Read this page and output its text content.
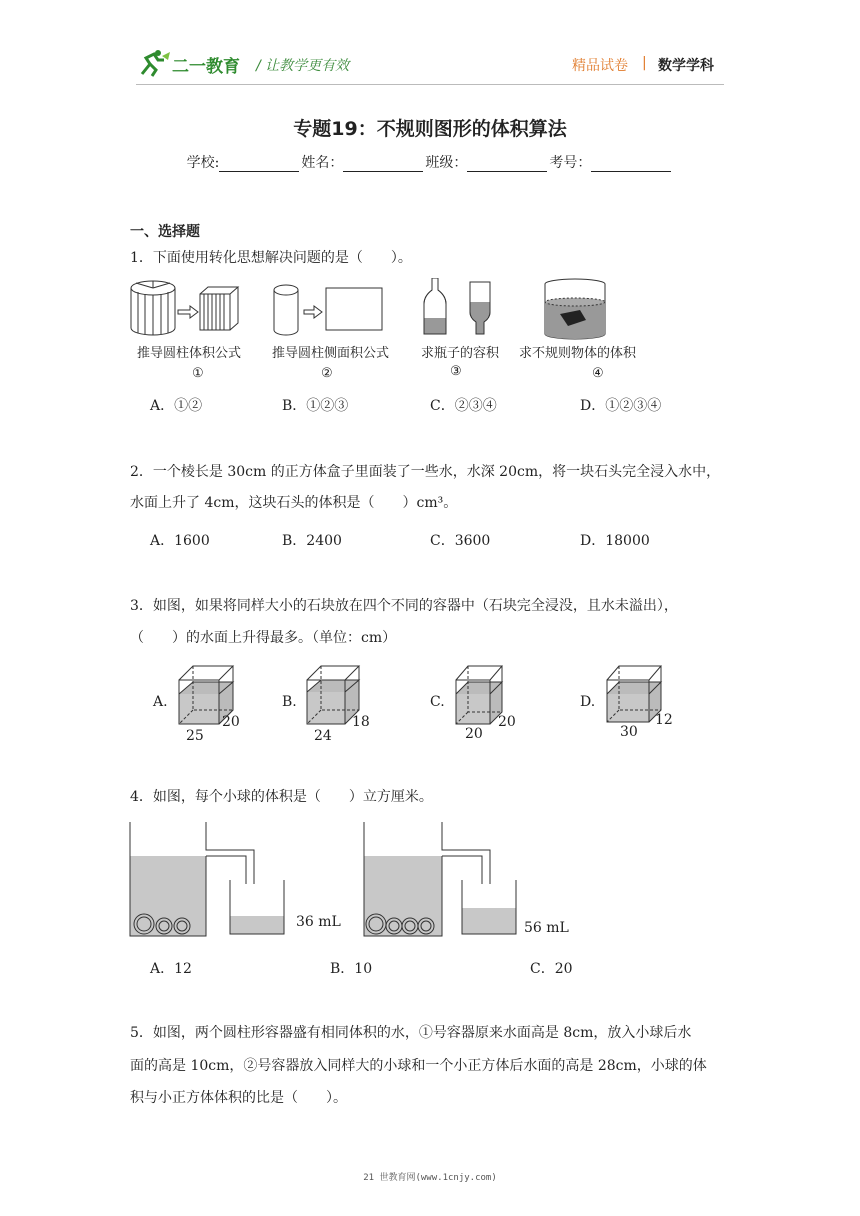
二一教育 / 让教学更有效	精品试卷 | 数学学科
专题19：不规则图形的体积算法
学校:	姓名：	班级：	考号：
一、选择题
1．下面使用转化思想解决问题的是（　　）。
推导圆柱体积公式 推导圆柱侧面积公式 求瓶子的容积 求不规则物体的体积
①	②	③	④
A．①②	B．①②③	C．②③④	D．①②③④
2．一个棱长是 30cm 的正方体盒子里面装了一些水，水深 20cm，将一块石头完全浸入水中，
水面上升了 4cm，这块石头的体积是（　　）cm³。
A．1600	B．2400	C．3600	D．18000
3．如图，如果将同样大小的石块放在四个不同的容器中（石块完全浸没，且水未溢出），
（　　）的水面上升得最多。（单位：cm）
A.	B.	C.	D.
25
20
24
18
20
20
30
12
4．如图，每个小球的体积是（　　）立方厘米。
36 mL	56 mL
A．12	B．10	C．20
5．如图，两个圆柱形容器盛有相同体积的水，①号容器原来水面高是 8cm，放入小球后水
面的高是 10cm，②号容器放入同样大的小球和一个小正方体后水面的高是 28cm，小球的体
积与小正方体体积的比是（　　）。
21 世教育网(www.1cnjy.com)
